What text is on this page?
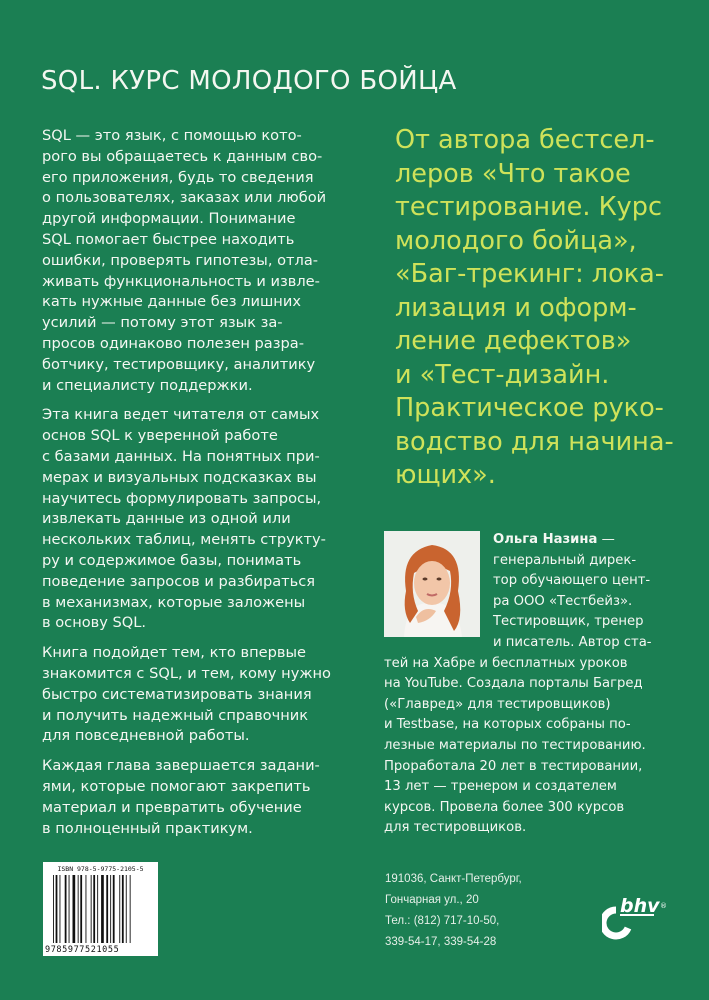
SQL. КУРС МОЛОДОГО БОЙЦА

SQL — это язык, с помощью кото-
рого вы обращаетесь к данным сво-
его приложения, будь то сведения
о пользователях, заказах или любой
другой информации. Понимание
SQL помогает быстрее находить
ошибки, проверять гипотезы, отла-
живать функциональность и извле-
кать нужные данные без лишних
усилий — потому этот язык за-
просов одинаково полезен разра-
ботчику, тестировщику, аналитику
и специалисту поддержки.

Эта книга ведет читателя от самых
основ SQL к уверенной работе
с базами данных. На понятных при-
мерах и визуальных подсказках вы
научитесь формулировать запросы,
извлекать данные из одной или
нескольких таблиц, менять структу-
ру и содержимое базы, понимать
поведение запросов и разбираться
в механизмах, которые заложены
в основу SQL.

Книга подойдет тем, кто впервые
знакомится с SQL, и тем, кому нужно
быстро систематизировать знания
и получить надежный справочник
для повседневной работы.

Каждая глава завершается задани-
ями, которые помогают закрепить
материал и превратить обучение
в полноценный практикум.

От автора бестсел-
леров «Что такое
тестирование. Курс
молодого бойца»,
«Баг-трекинг: лока-
лизация и оформ-
ление дефектов»
и «Тест-дизайн.
Практическое руко-
водство для начина-
ющих».
Ольга Назина —
генеральный дирек-
тор обучающего цент-
ра ООО «Тестбейз».
Тестировщик, тренер
и писатель. Автор ста-
тей на Хабре и бесплатных уроков
на YouTube. Создала порталы Багред
(«Главред» для тестировщиков)
и Testbase, на которых собраны по-
лезные материалы по тестированию.
Проработала 20 лет в тестировании,
13 лет — тренером и создателем
курсов. Провела более 300 курсов
для тестировщиков.
ISBN 978-5-9775-2105-5
9785977521055
191036, Санкт-Петербург,
Гончарная ул., 20
Тел.: (812) 717-10-50,
339-54-17, 339-54-28
bhv ®
